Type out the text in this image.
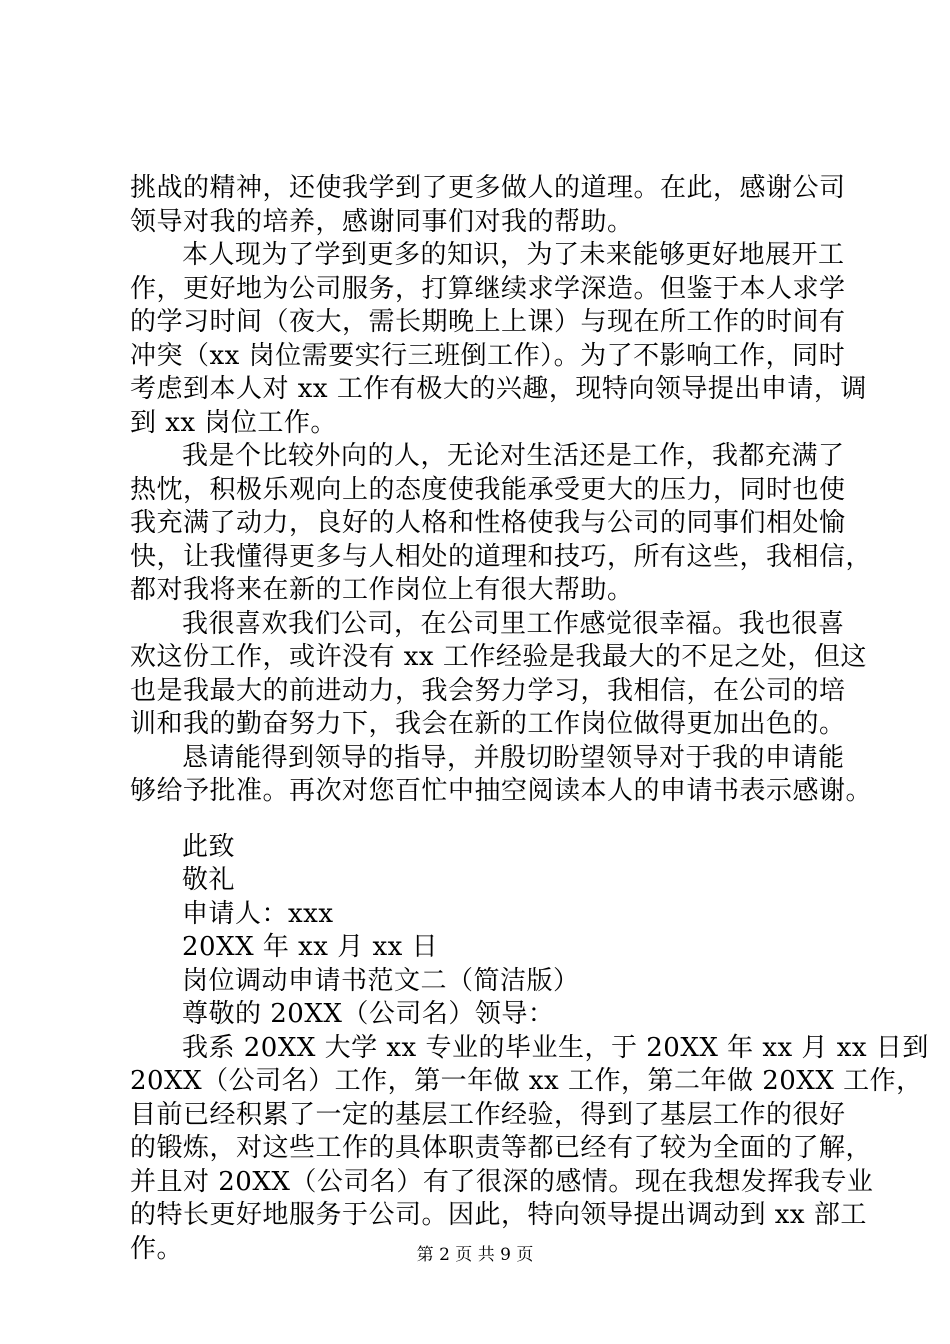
挑战的精神，还使我学到了更多做人的道理。在此，感谢公司
领导对我的培养，感谢同事们对我的帮助。
本人现为了学到更多的知识，为了未来能够更好地展开工
作，更好地为公司服务，打算继续求学深造。但鉴于本人求学
的学习时间（夜大，需长期晚上上课）与现在所工作的时间有
冲突（xx 岗位需要实行三班倒工作）。为了不影响工作，同时
考虑到本人对 xx 工作有极大的兴趣，现特向领导提出申请，调
到 xx 岗位工作。
我是个比较外向的人，无论对生活还是工作，我都充满了
热忱，积极乐观向上的态度使我能承受更大的压力，同时也使
我充满了动力，良好的人格和性格使我与公司的同事们相处愉
快，让我懂得更多与人相处的道理和技巧，所有这些，我相信，
都对我将来在新的工作岗位上有很大帮助。
我很喜欢我们公司，在公司里工作感觉很幸福。我也很喜
欢这份工作，或许没有 xx 工作经验是我最大的不足之处，但这
也是我最大的前进动力，我会努力学习，我相信，在公司的培
训和我的勤奋努力下，我会在新的工作岗位做得更加出色的。
恳请能得到领导的指导，并殷切盼望领导对于我的申请能
够给予批准。再次对您百忙中抽空阅读本人的申请书表示感谢。
此致
敬礼
申请人：xxx
20XX 年 xx 月 xx 日
岗位调动申请书范文二（简洁版）
尊敬的 20XX（公司名）领导：
我系 20XX 大学 xx 专业的毕业生，于 20XX 年 xx 月 xx 日到
20XX（公司名）工作，第一年做 xx 工作，第二年做 20XX 工作，
目前已经积累了一定的基层工作经验，得到了基层工作的很好
的锻炼，对这些工作的具体职责等都已经有了较为全面的了解，
并且对 20XX（公司名）有了很深的感情。现在我想发挥我专业
的特长更好地服务于公司。因此，特向领导提出调动到 xx 部工
作。	第 2 页 共 9 页
